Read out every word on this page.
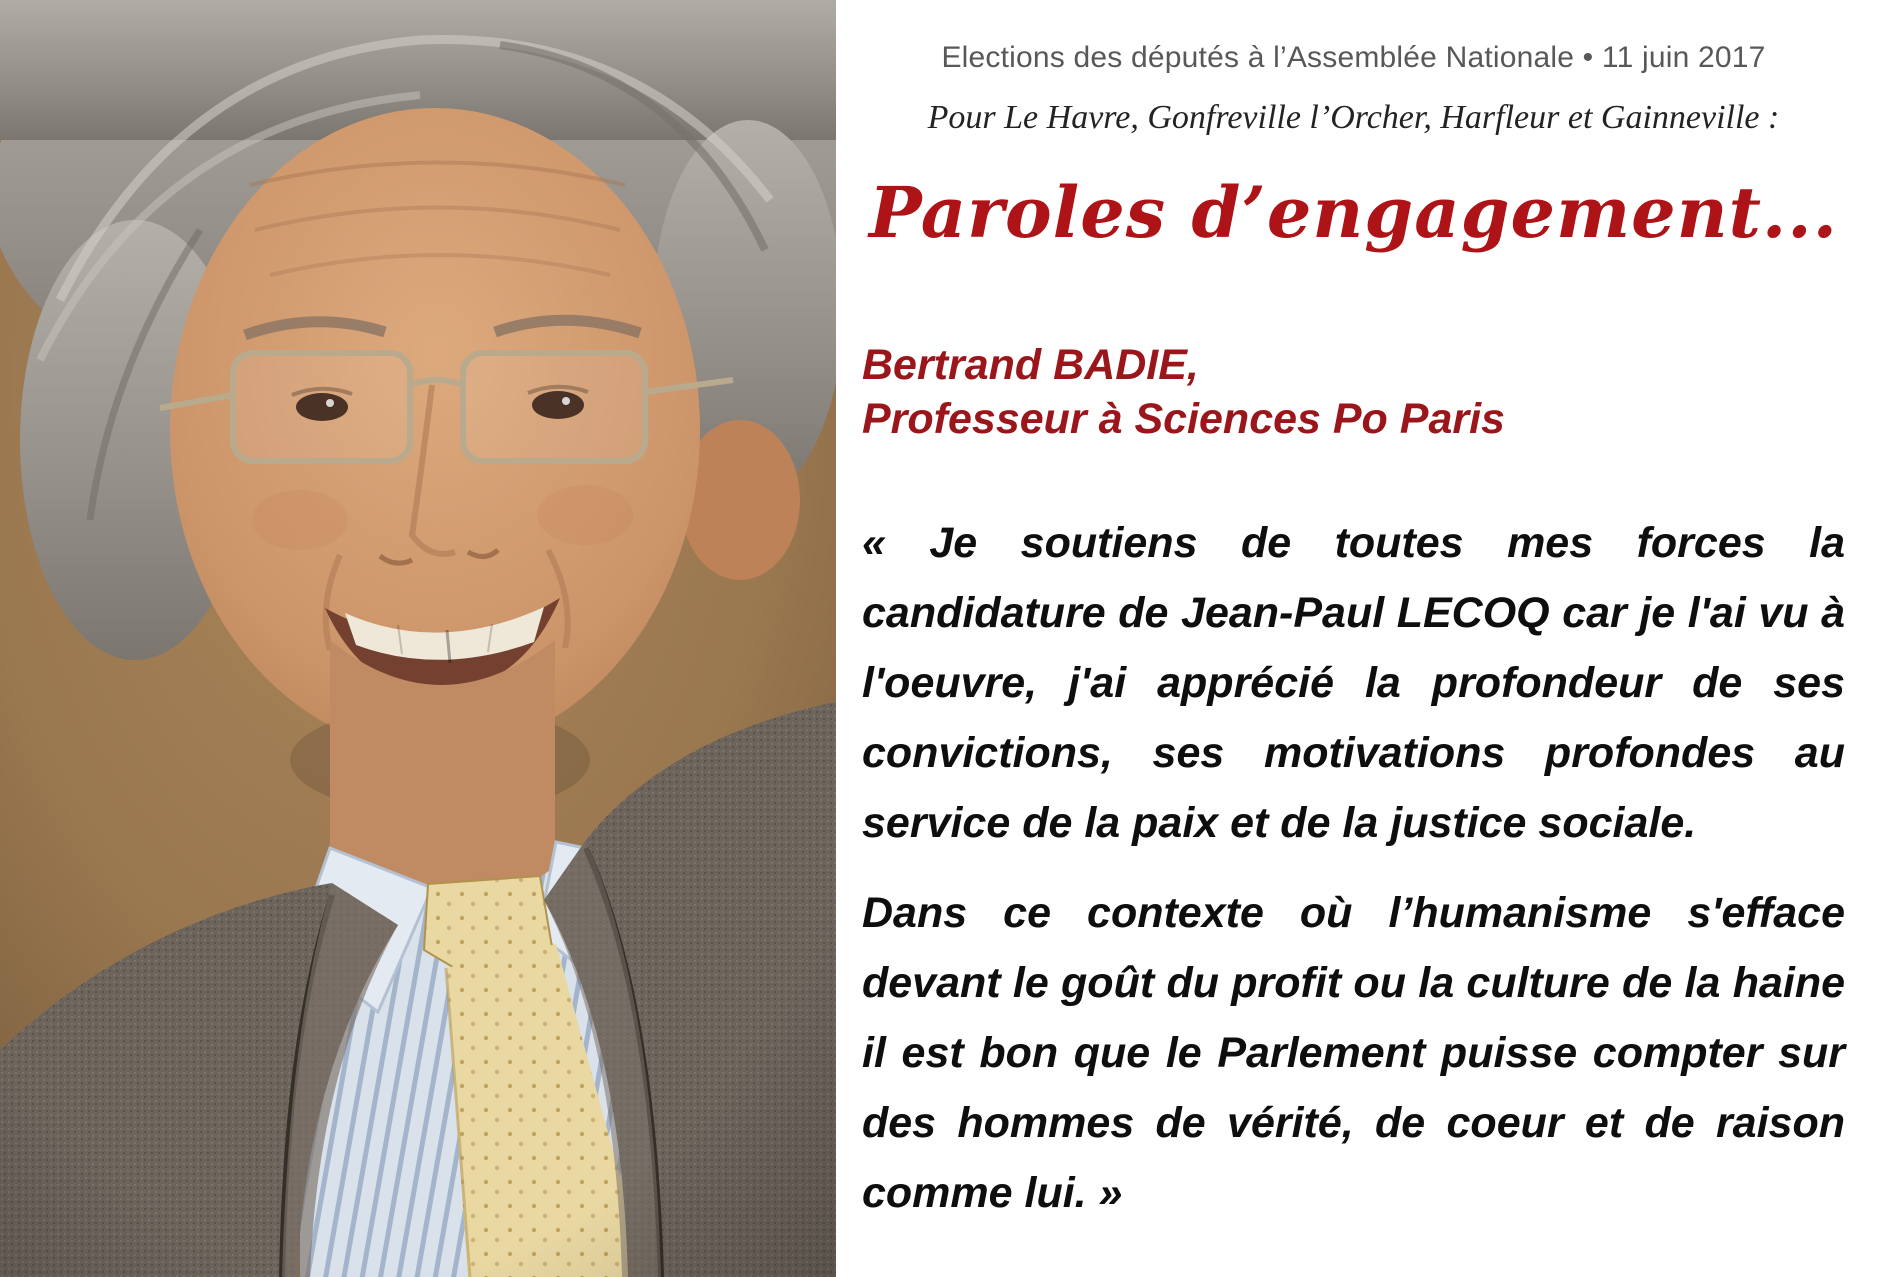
Elections des députés à l’Assemblée Nationale • 11 juin 2017
Pour Le Havre, Gonfreville l’Orcher, Harfleur et Gainneville :
Paroles d’engagement...
Bertrand BADIE,
Professeur à Sciences Po Paris
« Je soutiens de toutes mes forces la candidature de Jean-Paul LECOQ car je l'ai vu à l'oeuvre, j'ai apprécié la profondeur de ses convictions, ses motivations profondes au service de la paix et de la justice sociale.
Dans ce contexte où l’humanisme s'efface devant le goût du profit ou la culture de la haine il est bon que le Parlement puisse compter sur des hommes de vérité, de coeur et de raison comme lui. »
